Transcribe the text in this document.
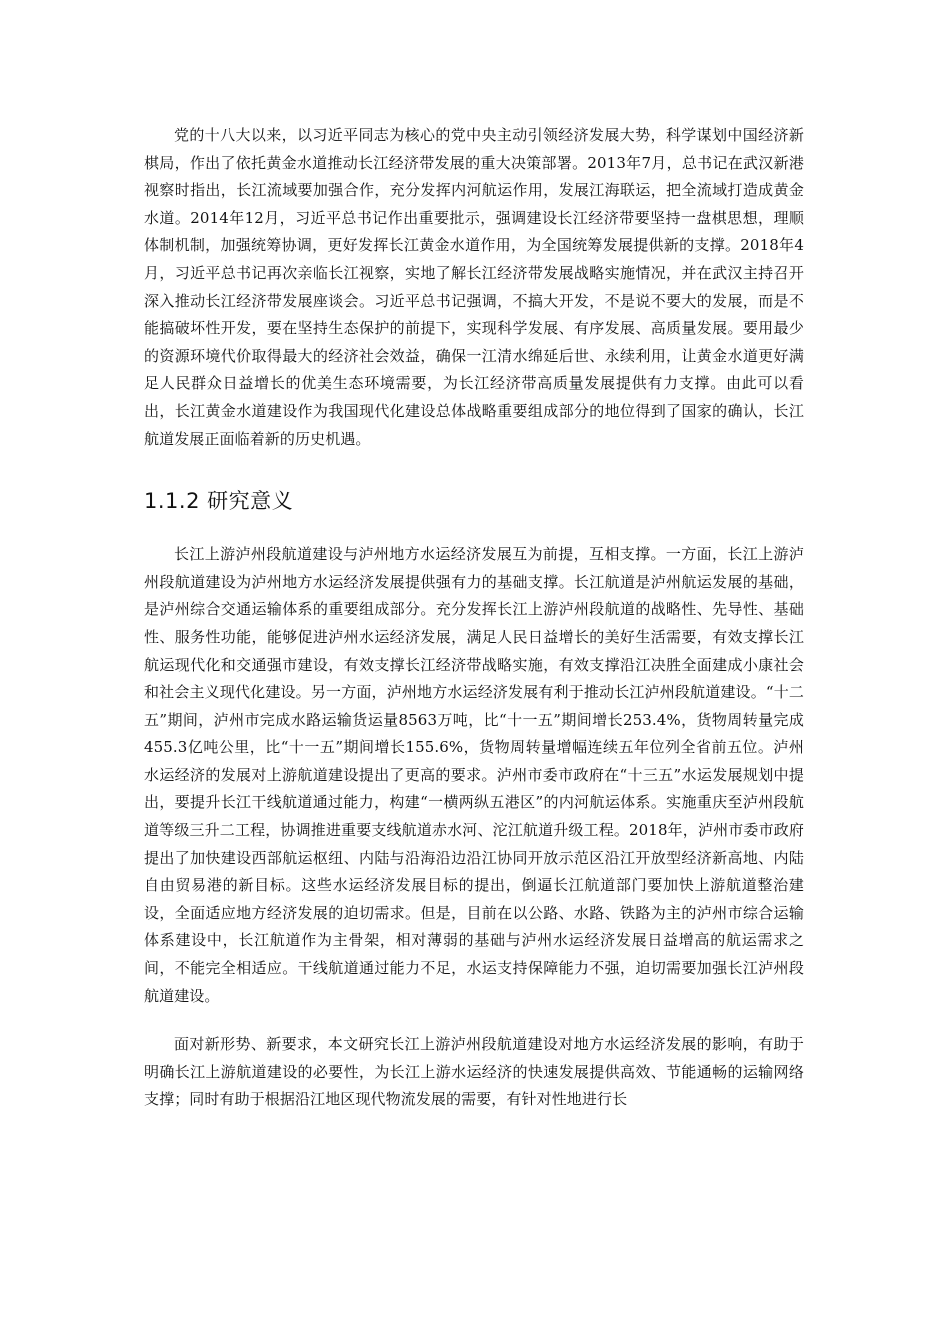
党的十八大以来，以习近平同志为核心的党中央主动引领经济发展大势，科学谋划中国经济新棋局，作出了依托黄金水道推动长江经济带发展的重大决策部署。2013年7月，总书记在武汉新港视察时指出，长江流域要加强合作，充分发挥内河航运作用，发展江海联运，把全流域打造成黄金水道。2014年12月，习近平总书记作出重要批示，强调建设长江经济带要坚持一盘棋思想，理顺体制机制，加强统筹协调，更好发挥长江黄金水道作用，为全国统筹发展提供新的支撑。2018年4月，习近平总书记再次亲临长江视察，实地了解长江经济带发展战略实施情况，并在武汉主持召开深入推动长江经济带发展座谈会。习近平总书记强调，不搞大开发，不是说不要大的发展，而是不能搞破坏性开发，要在坚持生态保护的前提下，实现科学发展、有序发展、高质量发展。要用最少的资源环境代价取得最大的经济社会效益，确保一江清水绵延后世、永续利用，让黄金水道更好满足人民群众日益增长的优美生态环境需要，为长江经济带高质量发展提供有力支撑。由此可以看出，长江黄金水道建设作为我国现代化建设总体战略重要组成部分的地位得到了国家的确认，长江航道发展正面临着新的历史机遇。

1.1.2 研究意义

长江上游泸州段航道建设与泸州地方水运经济发展互为前提，互相支撑。一方面，长江上游泸州段航道建设为泸州地方水运经济发展提供强有力的基础支撑。长江航道是泸州航运发展的基础，是泸州综合交通运输体系的重要组成部分。充分发挥长江上游泸州段航道的战略性、先导性、基础性、服务性功能，能够促进泸州水运经济发展，满足人民日益增长的美好生活需要，有效支撑长江航运现代化和交通强市建设，有效支撑长江经济带战略实施，有效支撑沿江决胜全面建成小康社会和社会主义现代化建设。另一方面，泸州地方水运经济发展有利于推动长江泸州段航道建设。“十二五”期间，泸州市完成水路运输货运量8563万吨，比“十一五”期间增长253.4%，货物周转量完成455.3亿吨公里，比“十一五”期间增长155.6%，货物周转量增幅连续五年位列全省前五位。泸州水运经济的发展对上游航道建设提出了更高的要求。泸州市委市政府在“十三五”水运发展规划中提出，要提升长江干线航道通过能力，构建“一横两纵五港区”的内河航运体系。实施重庆至泸州段航道等级三升二工程，协调推进重要支线航道赤水河、沱江航道升级工程。2018年，泸州市委市政府提出了加快建设西部航运枢纽、内陆与沿海沿边沿江协同开放示范区沿江开放型经济新高地、内陆自由贸易港的新目标。这些水运经济发展目标的提出，倒逼长江航道部门要加快上游航道整治建设，全面适应地方经济发展的迫切需求。但是，目前在以公路、水路、铁路为主的泸州市综合运输体系建设中，长江航道作为主骨架，相对薄弱的基础与泸州水运经济发展日益增高的航运需求之间，不能完全相适应。干线航道通过能力不足，水运支持保障能力不强，迫切需要加强长江泸州段航道建设。

面对新形势、新要求，本文研究长江上游泸州段航道建设对地方水运经济发展的影响，有助于明确长江上游航道建设的必要性，为长江上游水运经济的快速发展提供高效、节能通畅的运输网络支撑；同时有助于根据沿江地区现代物流发展的需要，有针对性地进行长
